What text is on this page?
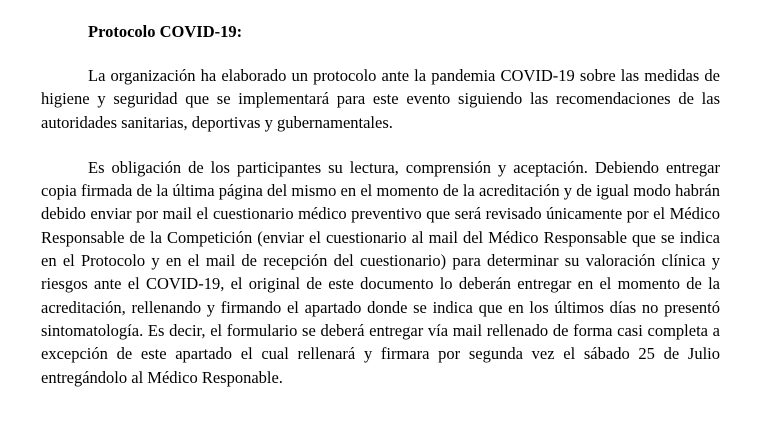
Protocolo COVID-19:

La organización ha elaborado un protocolo ante la pandemia COVID-19 sobre las medidas de higiene y seguridad que se implementará para este evento siguiendo las recomendaciones de las autoridades sanitarias, deportivas y gubernamentales.

Es obligación de los participantes su lectura, comprensión y aceptación. Debiendo entregar copia firmada de la última página del mismo en el momento de la acreditación y de igual modo habrán debido enviar por mail el cuestionario médico preventivo que será revisado únicamente por el Médico Responsable de la Competición (enviar el cuestionario al mail del Médico Responsable que se indica en el Protocolo y en el mail de recepción del cuestionario) para determinar su valoración clínica y riesgos ante el COVID-19, el original de este documento lo deberán entregar en el momento de la acreditación, rellenando y firmando el apartado donde se indica que en los últimos días no presentó sintomatología. Es decir, el formulario se deberá entregar vía mail rellenado de forma casi completa a excepción de este apartado el cual rellenará y firmara por segunda vez el sábado 25 de Julio entregándolo al Médico Responable.
